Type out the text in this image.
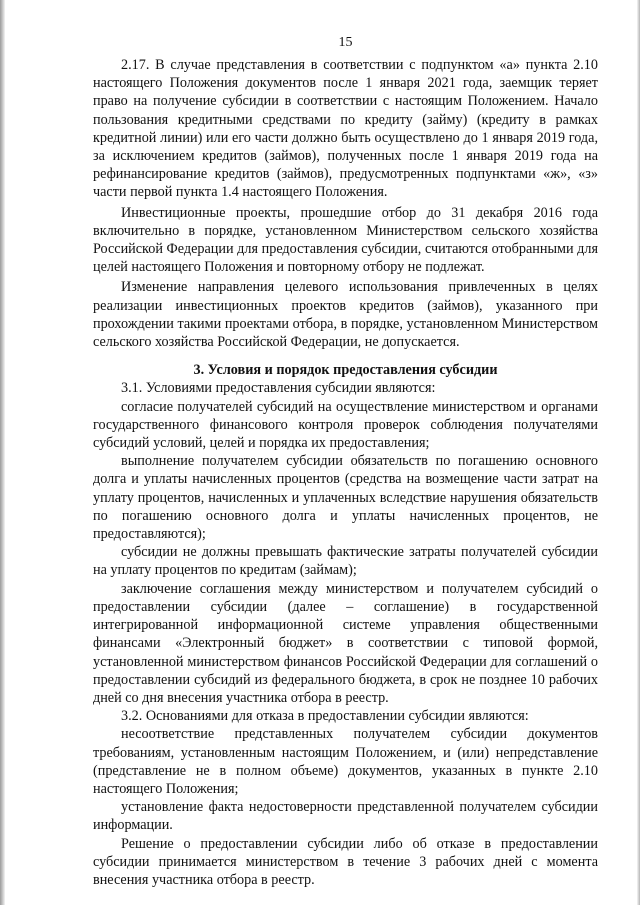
15

2.17. В случае представления в соответствии с подпунктом «а» пункта 2.10 настоящего Положения документов после 1 января 2021 года, заемщик теряет право на получение субсидии в соответствии с настоящим Положением. Начало пользования кредитными средствами по кредиту (займу) (кредиту в рамках кредитной линии) или его части должно быть осуществлено до 1 января 2019 года, за исключением кредитов (займов), полученных после 1 января 2019 года на рефинансирование кредитов (займов), предусмотренных подпунктами «ж», «з» части первой пункта 1.4 настоящего Положения.

Инвестиционные проекты, прошедшие отбор до 31 декабря 2016 года включительно в порядке, установленном Министерством сельского хозяйства Российской Федерации для предоставления субсидии, считаются отобранными для целей настоящего Положения и повторному отбору не подлежат.

Изменение направления целевого использования привлеченных в целях реализации инвестиционных проектов кредитов (займов), указанного при прохождении такими проектами отбора, в порядке, установленном Министерством сельского хозяйства Российской Федерации, не допускается.

3. Условия и порядок предоставления субсидии

3.1. Условиями предоставления субсидии являются:

согласие получателей субсидий на осуществление министерством и органами государственного финансового контроля проверок соблюдения получателями субсидий условий, целей и порядка их предоставления;

выполнение получателем субсидии обязательств по погашению основного долга и уплаты начисленных процентов (средства на возмещение части затрат на уплату процентов, начисленных и уплаченных вследствие нарушения обязательств по погашению основного долга и уплаты начисленных процентов, не предоставляются);

субсидии не должны превышать фактические затраты получателей субсидии на уплату процентов по кредитам (займам);

заключение соглашения между министерством и получателем субсидий о предоставлении субсидии (далее – соглашение) в государственной интегрированной информационной системе управления общественными финансами «Электронный бюджет» в соответствии с типовой формой, установленной министерством финансов Российской Федерации для соглашений о предоставлении субсидий из федерального бюджета, в срок не позднее 10 рабочих дней со дня внесения участника отбора в реестр.

3.2. Основаниями для отказа в предоставлении субсидии являются:

несоответствие представленных получателем субсидии документов требованиям, установленным настоящим Положением, и (или) непредставление (представление не в полном объеме) документов, указанных в пункте 2.10 настоящего Положения;

установление факта недостоверности представленной получателем субсидии информации.

Решение о предоставлении субсидии либо об отказе в предоставлении субсидии принимается министерством в течение 3 рабочих дней с момента внесения участника отбора в реестр.
